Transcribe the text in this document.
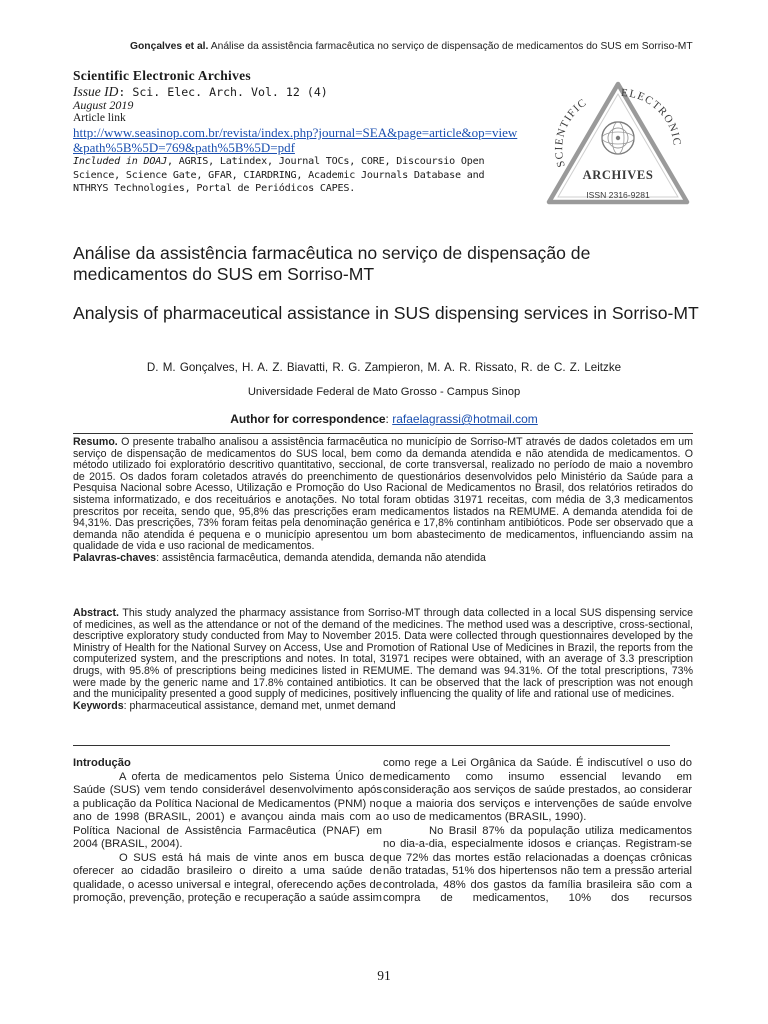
Gonçalves et al. Análise da assistência farmacêutica no serviço de dispensação de medicamentos do SUS em Sorriso-MT
Scientific Electronic Archives
Issue ID: Sci. Elec. Arch. Vol. 12 (4)
August 2019
Article link
http://www.seasinop.com.br/revista/index.php?journal=SEA&page=article&op=view&path%5B%5D=769&path%5B%5D=pdf
Included in DOAJ, AGRIS, Latindex, Journal TOCs, CORE, Discoursio Open Science, Science Gate, GFAR, CIARDRING, Academic Journals Database and NTHRYS Technologies, Portal de Periódicos CAPES.
SCIENTIFIC
ELECTRONIC
ARCHIVES
ISSN 2316-9281
Análise da assistência farmacêutica no serviço de dispensação de medicamentos do SUS em Sorriso-MT
Analysis of pharmaceutical assistance in SUS dispensing services in Sorriso-MT
D. M. Gonçalves, H. A. Z. Biavatti, R. G. Zampieron, M. A. R. Rissato, R. de C. Z. Leitzke
Universidade Federal de Mato Grosso - Campus Sinop
Author for correspondence: rafaelagrassi@hotmail.com
Resumo. O presente trabalho analisou a assistência farmacêutica no município de Sorriso-MT através de dados coletados em um serviço de dispensação de medicamentos do SUS local, bem como da demanda atendida e não atendida de medicamentos. O método utilizado foi exploratório descritivo quantitativo, seccional, de corte transversal, realizado no período de maio a novembro de 2015. Os dados foram coletados através do preenchimento de questionários desenvolvidos pelo Ministério da Saúde para a Pesquisa Nacional sobre Acesso, Utilização e Promoção do Uso Racional de Medicamentos no Brasil, dos relatórios retirados do sistema informatizado, e dos receituários e anotações. No total foram obtidas 31971 receitas, com média de 3,3 medicamentos prescritos por receita, sendo que, 95,8% das prescrições eram medicamentos listados na REMUME. A demanda atendida foi de 94,31%. Das prescrições, 73% foram feitas pela denominação genérica e 17,8% continham antibióticos. Pode ser observado que a demanda não atendida é pequena e o município apresentou um bom abastecimento de medicamentos, influenciando assim na qualidade de vida e uso racional de medicamentos.
Palavras-chaves: assistência farmacêutica, demanda atendida, demanda não atendida
Abstract. This study analyzed the pharmacy assistance from Sorriso-MT through data collected in a local SUS dispensing service of medicines, as well as the attendance or not of the demand of the medicines. The method used was a descriptive, cross-sectional, descriptive exploratory study conducted from May to November 2015. Data were collected through questionnaires developed by the Ministry of Health for the National Survey on Access, Use and Promotion of Rational Use of Medicines in Brazil, the reports from the computerized system, and the prescriptions and notes. In total, 31971 recipes were obtained, with an average of 3.3 prescription drugs, with 95.8% of prescriptions being medicines listed in REMUME. The demand was 94.31%. Of the total prescriptions, 73% were made by the generic name and 17.8% contained antibiotics. It can be observed that the lack of prescription was not enough and the municipality presented a good supply of medicines, positively influencing the quality of life and rational use of medicines.
Keywords: pharmaceutical assistance, demand met, unmet demand
Introdução

A oferta de medicamentos pelo Sistema Único de Saúde (SUS) vem tendo considerável desenvolvimento após a publicação da Política Nacional de Medicamentos (PNM) no ano de 1998 (BRASIL, 2001) e avançou ainda mais com a Política Nacional de Assistência Farmacêutica (PNAF) em 2004 (BRASIL, 2004).

O SUS está há mais de vinte anos em busca de oferecer ao cidadão brasileiro o direito a uma saúde de qualidade, o acesso universal e integral, oferecendo ações de promoção, prevenção, proteção e recuperação a saúde assim

como rege a Lei Orgânica da Saúde. É indiscutível o uso do medicamento como insumo essencial levando em consideração aos serviços de saúde prestados, ao considerar que a maioria dos serviços e intervenções de saúde envolve o uso de medicamentos (BRASIL, 1990).

No Brasil 87% da população utiliza medicamentos no dia-a-dia, especialmente idosos e crianças. Registram-se que 72% das mortes estão relacionadas a doenças crônicas não tratadas, 51% dos hipertensos não tem a pressão arterial controlada, 48% dos gastos da família brasileira são com a compra de medicamentos, 10% dos recursos

91
